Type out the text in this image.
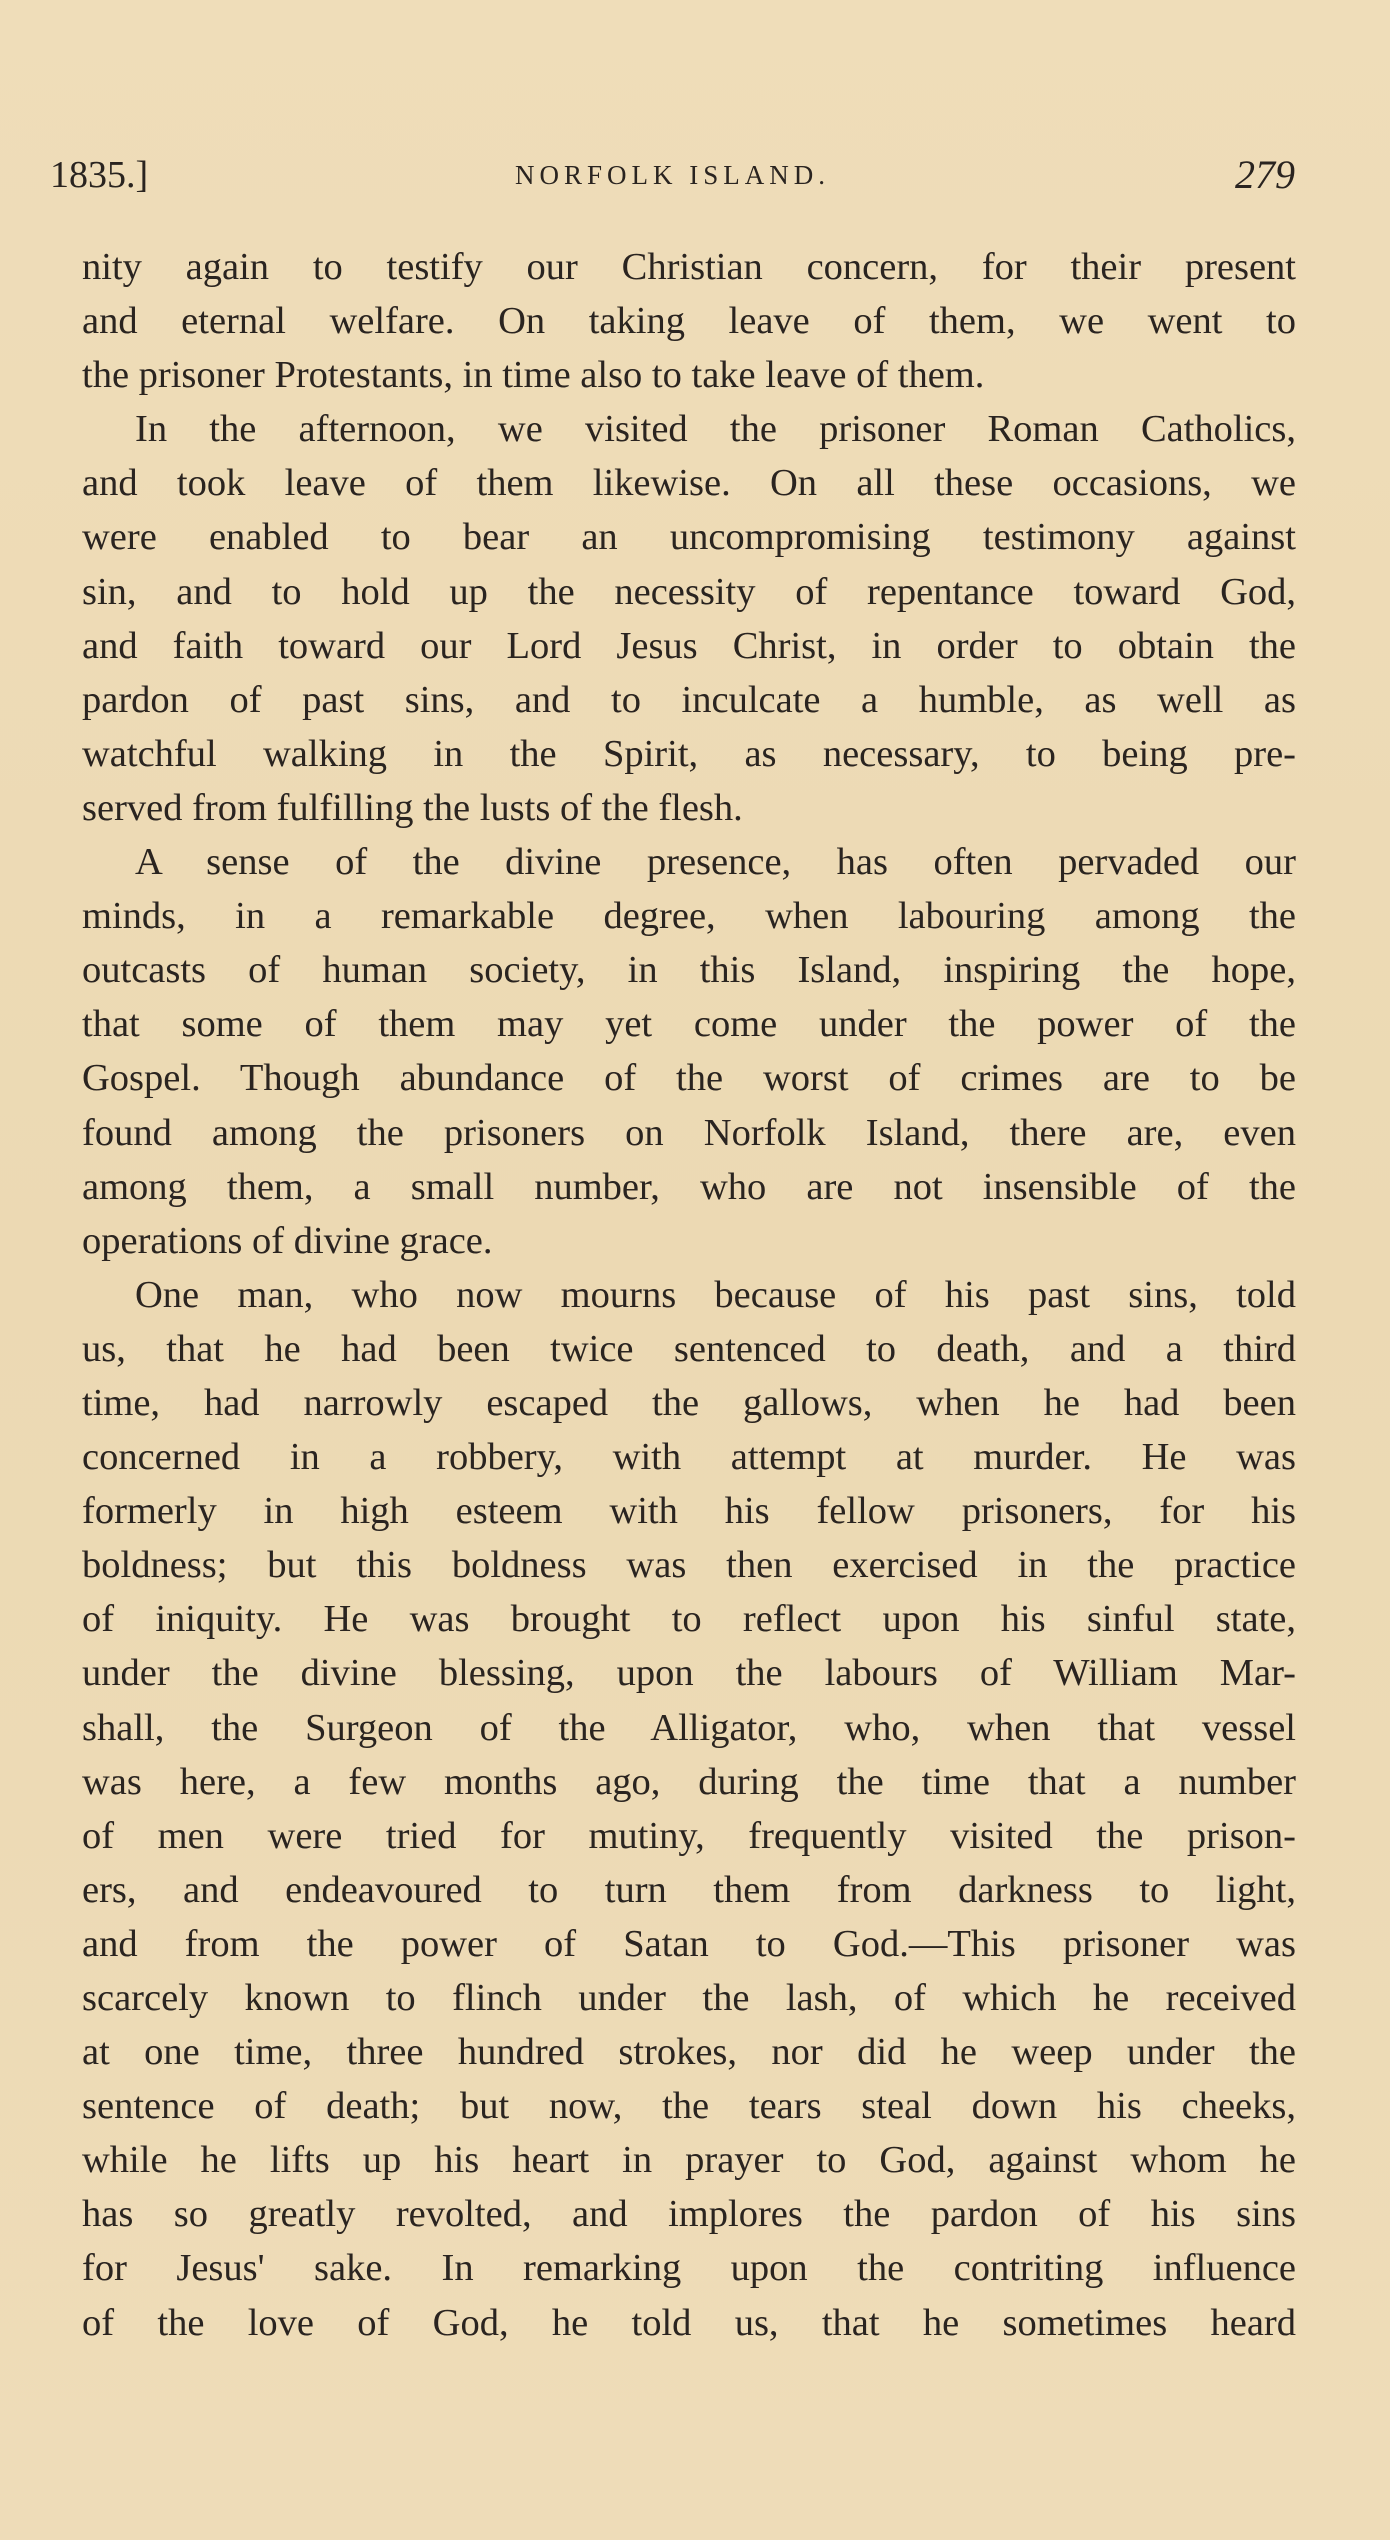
1835.]	NORFOLK ISLAND.	279
nity again to testify our Christian concern, for their present
and eternal welfare. On taking leave of them, we went to
the prisoner Protestants, in time also to take leave of them.
In the afternoon, we visited the prisoner Roman Catholics,
and took leave of them likewise. On all these occasions, we
were enabled to bear an uncompromising testimony against
sin, and to hold up the necessity of repentance toward God,
and faith toward our Lord Jesus Christ, in order to obtain the
pardon of past sins, and to inculcate a humble, as well as
watchful walking in the Spirit, as necessary, to being pre-
served from fulfilling the lusts of the flesh.
A sense of the divine presence, has often pervaded our
minds, in a remarkable degree, when labouring among the
outcasts of human society, in this Island, inspiring the hope,
that some of them may yet come under the power of the
Gospel. Though abundance of the worst of crimes are to be
found among the prisoners on Norfolk Island, there are, even
among them, a small number, who are not insensible of the
operations of divine grace.
One man, who now mourns because of his past sins, told
us, that he had been twice sentenced to death, and a third
time, had narrowly escaped the gallows, when he had been
concerned in a robbery, with attempt at murder. He was
formerly in high esteem with his fellow prisoners, for his
boldness; but this boldness was then exercised in the practice
of iniquity. He was brought to reflect upon his sinful state,
under the divine blessing, upon the labours of William Mar-
shall, the Surgeon of the Alligator, who, when that vessel
was here, a few months ago, during the time that a number
of men were tried for mutiny, frequently visited the prison-
ers, and endeavoured to turn them from darkness to light,
and from the power of Satan to God.—This prisoner was
scarcely known to flinch under the lash, of which he received
at one time, three hundred strokes, nor did he weep under the
sentence of death; but now, the tears steal down his cheeks,
while he lifts up his heart in prayer to God, against whom he
has so greatly revolted, and implores the pardon of his sins
for Jesus' sake. In remarking upon the contriting influence
of the love of God, he told us, that he sometimes heard
